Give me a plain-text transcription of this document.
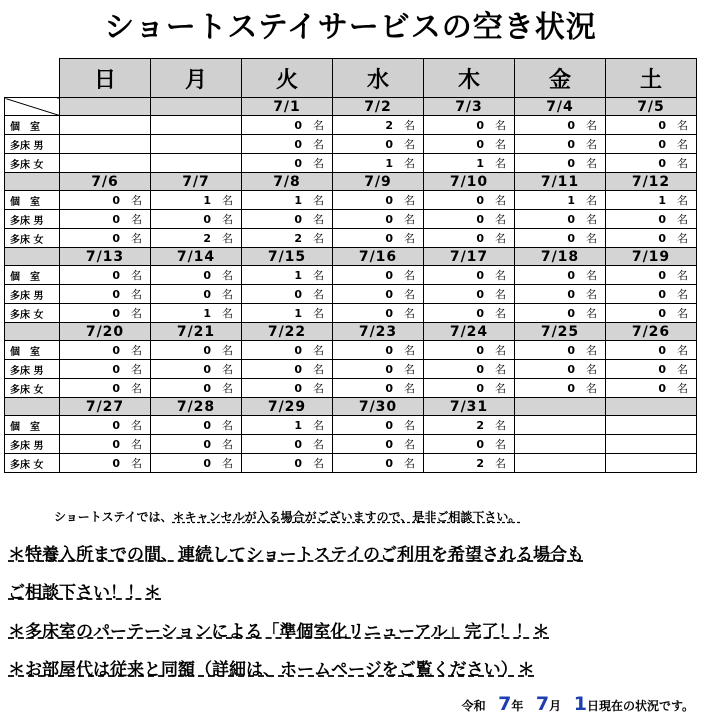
ショートステイサービスの空き状況
	日	月	火	水	木	金	土
			7/1	7/2	7/3	7/4	7/5
個　室			0 名	2 名	0 名	0 名	0 名
多床 男			0 名	0 名	0 名	0 名	0 名
多床 女			0 名	1 名	1 名	0 名	0 名
	7/6	7/7	7/8	7/9	7/10	7/11	7/12
個　室	0 名	1 名	1 名	0 名	0 名	1 名	1 名
多床 男	0 名	0 名	0 名	0 名	0 名	0 名	0 名
多床 女	0 名	2 名	2 名	0 名	0 名	0 名	0 名
	7/13	7/14	7/15	7/16	7/17	7/18	7/19
個　室	0 名	0 名	1 名	0 名	0 名	0 名	0 名
多床 男	0 名	0 名	0 名	0 名	0 名	0 名	0 名
多床 女	0 名	1 名	1 名	0 名	0 名	0 名	0 名
	7/20	7/21	7/22	7/23	7/24	7/25	7/26
個　室	0 名	0 名	0 名	0 名	0 名	0 名	0 名
多床 男	0 名	0 名	0 名	0 名	0 名	0 名	0 名
多床 女	0 名	0 名	0 名	0 名	0 名	0 名	0 名
	7/27	7/28	7/29	7/30	7/31		
個　室	0 名	0 名	1 名	0 名	2 名		
多床 男	0 名	0 名	0 名	0 名	0 名		
多床 女	0 名	0 名	0 名	0 名	2 名		
ショートステイでは、＊キャンセルが入る場合がございますので、是非ご相談下さい。
＊特養入所までの間、連続してショートステイのご利用を希望される場合も
ご相談下さい！！＊
＊多床室のパーテーションによる「準個室化リニューアル」完了！！＊
＊お部屋代は従来と同額（詳細は、ホームページをご覧ください）＊
令和 7年 7月 1日現在の状況です。
